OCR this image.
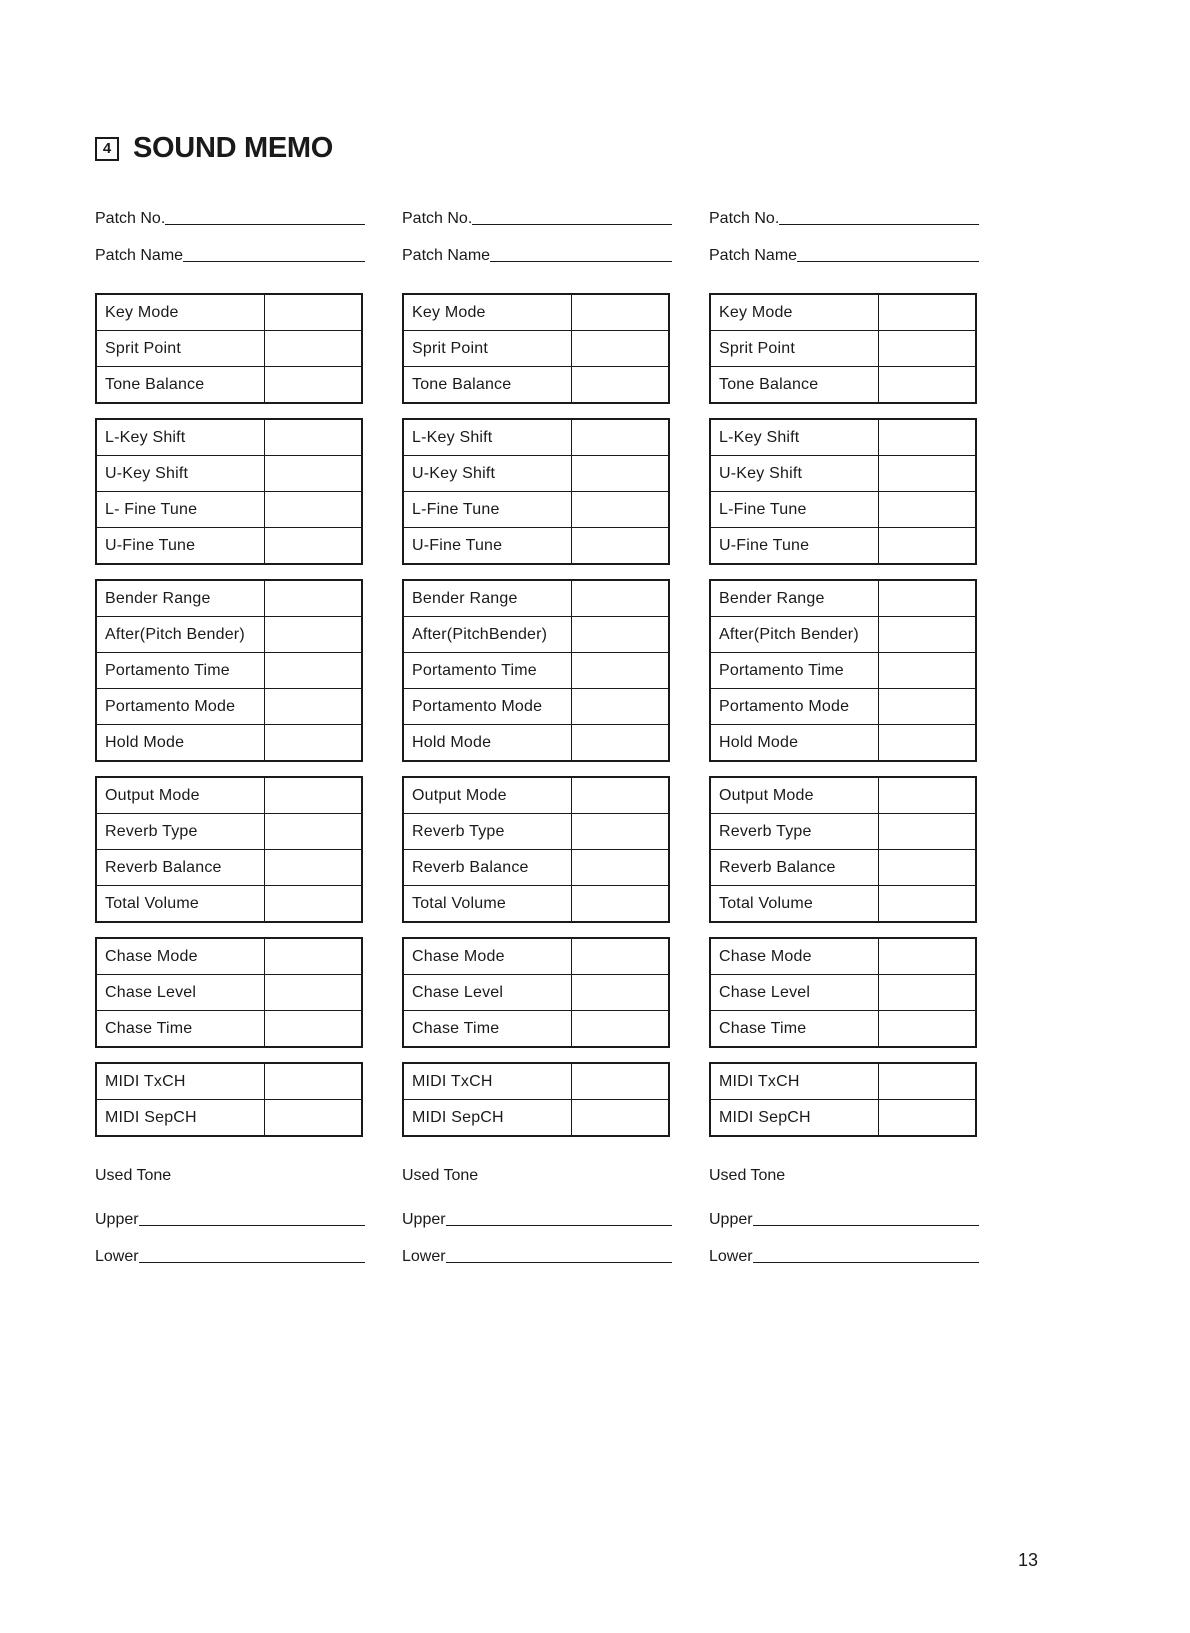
4 SOUND MEMO
Patch No.
Patch Name
Key Mode	
Sprit Point	
Tone Balance	
L-Key Shift	
U-Key Shift	
L- Fine Tune	
U-Fine Tune	
Bender Range	
After(Pitch Bender)	
Portamento Time	
Portamento Mode	
Hold Mode	
Output Mode	
Reverb Type	
Reverb Balance	
Total Volume	
Chase Mode	
Chase Level	
Chase Time	
MIDI TxCH	
MIDI SepCH	
Used Tone
Upper
Lower
Patch No.
Patch Name
Key Mode	
Sprit Point	
Tone Balance	
L-Key Shift	
U-Key Shift	
L-Fine Tune	
U-Fine Tune	
Bender Range	
After(PitchBender)	
Portamento Time	
Portamento Mode	
Hold Mode	
Output Mode	
Reverb Type	
Reverb Balance	
Total Volume	
Chase Mode	
Chase Level	
Chase Time	
MIDI TxCH	
MIDI SepCH	
Used Tone
Upper
Lower
Patch No.
Patch Name
Key Mode	
Sprit Point	
Tone Balance	
L-Key Shift	
U-Key Shift	
L-Fine Tune	
U-Fine Tune	
Bender Range	
After(Pitch Bender)	
Portamento Time	
Portamento Mode	
Hold Mode	
Output Mode	
Reverb Type	
Reverb Balance	
Total Volume	
Chase Mode	
Chase Level	
Chase Time	
MIDI TxCH	
MIDI SepCH	
Used Tone
Upper
Lower
13
